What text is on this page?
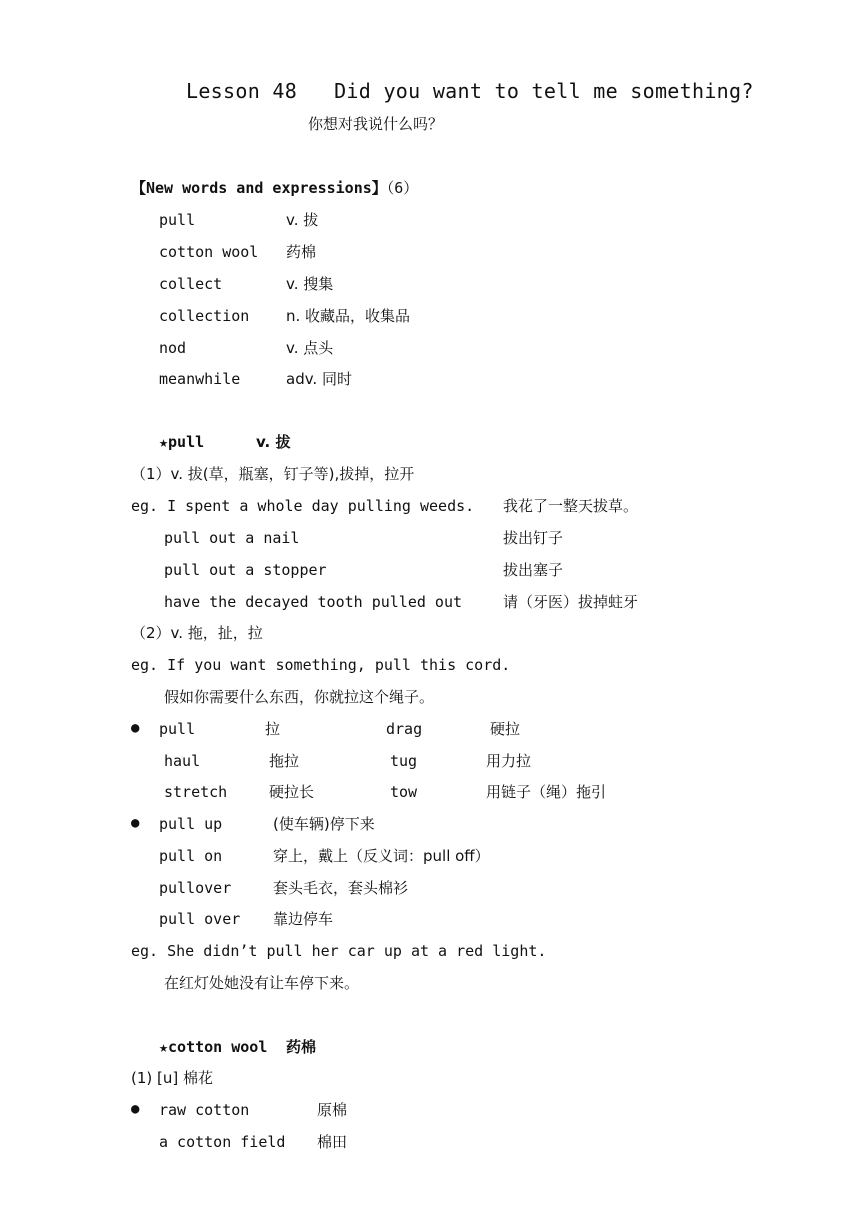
Lesson 48   Did you want to tell me something?
你想对我说什么吗？
【New words and expressions】（6）
pull	v. 拔
cotton wool 药棉
collect	v. 搜集
collection n. 收藏品，收集品
nod	v. 点头
meanwhile	adv. 同时
★pull	v. 拔
（1）v. 拔(草，瓶塞，钉子等),拔掉，拉开
eg. I spent a whole day pulling weeds. 我花了一整天拔草。
pull out a nail	拔出钉子
pull out a stopper	拔出塞子
have the decayed tooth pulled out	请（牙医）拔掉蛀牙
（2）v. 拖，扯，拉
eg. If you want something, pull this cord.
假如你需要什么东西，你就拉这个绳子。
● pull	拉	drag	硬拉
haul	拖拉	tug	用力拉
stretch	硬拉长	tow	用链子（绳）拖引
● pull up	(使车辆)停下来
pull on	穿上，戴上（反义词：pull off）
pullover	套头毛衣，套头棉衫
pull over 靠边停车
eg. She didn’t pull her car up at a red light.
在红灯处她没有让车停下来。
★cotton wool 药棉
(1) [u] 棉花
● raw cotton	原棉
a cotton field 棉田
